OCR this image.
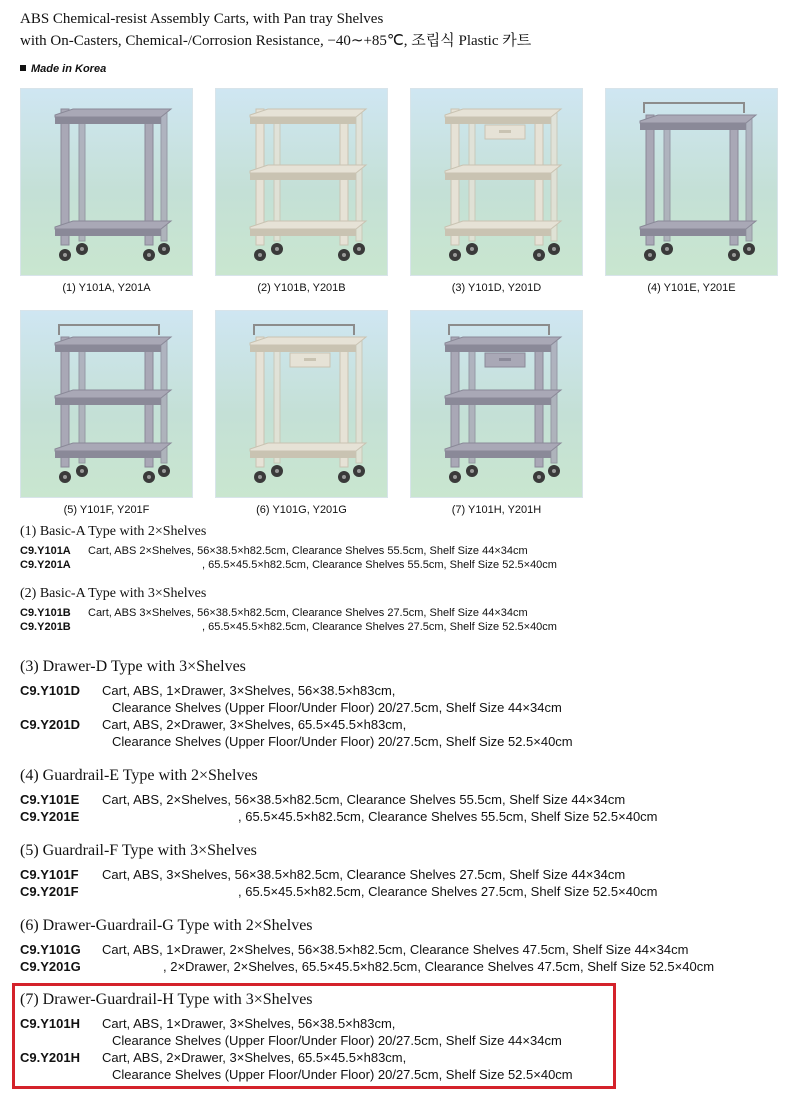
ABS Chemical-resist Assembly Carts, with Pan tray Shelves
with On-Casters, Chemical-/Corrosion Resistance, −40∼+85℃, 조립식 Plastic 카트
Made in Korea
(1) Y101A, Y201A	(2) Y101B, Y201B	(3) Y101D, Y201D	(4) Y101E, Y201E
(5) Y101F, Y201F	(6) Y101G, Y201G	(7) Y101H, Y201H
(1) Basic-A Type with 2×Shelves
C9.Y101A Cart, ABS 2×Shelves, 56×38.5×h82.5cm, Clearance Shelves 55.5cm, Shelf Size 44×34cm
C9.Y201A	, 65.5×45.5×h82.5cm, Clearance Shelves 55.5cm, Shelf Size 52.5×40cm
(2) Basic-A Type with 3×Shelves
C9.Y101B Cart, ABS 3×Shelves, 56×38.5×h82.5cm, Clearance Shelves 27.5cm, Shelf Size 44×34cm
C9.Y201B	, 65.5×45.5×h82.5cm, Clearance Shelves 27.5cm, Shelf Size 52.5×40cm
(3) Drawer-D Type with 3×Shelves
C9.Y101D Cart, ABS, 1×Drawer, 3×Shelves, 56×38.5×h83cm,
Clearance Shelves (Upper Floor/Under Floor) 20/27.5cm, Shelf Size 44×34cm
C9.Y201D Cart, ABS, 2×Drawer, 3×Shelves, 65.5×45.5×h83cm,
Clearance Shelves (Upper Floor/Under Floor) 20/27.5cm, Shelf Size 52.5×40cm
(4) Guardrail-E Type with 2×Shelves
C9.Y101E Cart, ABS, 2×Shelves, 56×38.5×h82.5cm, Clearance Shelves 55.5cm, Shelf Size 44×34cm
C9.Y201E	, 65.5×45.5×h82.5cm, Clearance Shelves 55.5cm, Shelf Size 52.5×40cm
(5) Guardrail-F Type with 3×Shelves
C9.Y101F Cart, ABS, 3×Shelves, 56×38.5×h82.5cm, Clearance Shelves 27.5cm, Shelf Size 44×34cm
C9.Y201F	, 65.5×45.5×h82.5cm, Clearance Shelves 27.5cm, Shelf Size 52.5×40cm
(6) Drawer-Guardrail-G Type with 2×Shelves
C9.Y101G Cart, ABS, 1×Drawer, 2×Shelves, 56×38.5×h82.5cm, Clearance Shelves 47.5cm, Shelf Size 44×34cm
C9.Y201G	, 2×Drawer, 2×Shelves, 65.5×45.5×h82.5cm, Clearance Shelves 47.5cm, Shelf Size 52.5×40cm
(7) Drawer-Guardrail-H Type with 3×Shelves
C9.Y101H Cart, ABS, 1×Drawer, 3×Shelves, 56×38.5×h83cm,
Clearance Shelves (Upper Floor/Under Floor) 20/27.5cm, Shelf Size 44×34cm
C9.Y201H Cart, ABS, 2×Drawer, 3×Shelves, 65.5×45.5×h83cm,
Clearance Shelves (Upper Floor/Under Floor) 20/27.5cm, Shelf Size 52.5×40cm
